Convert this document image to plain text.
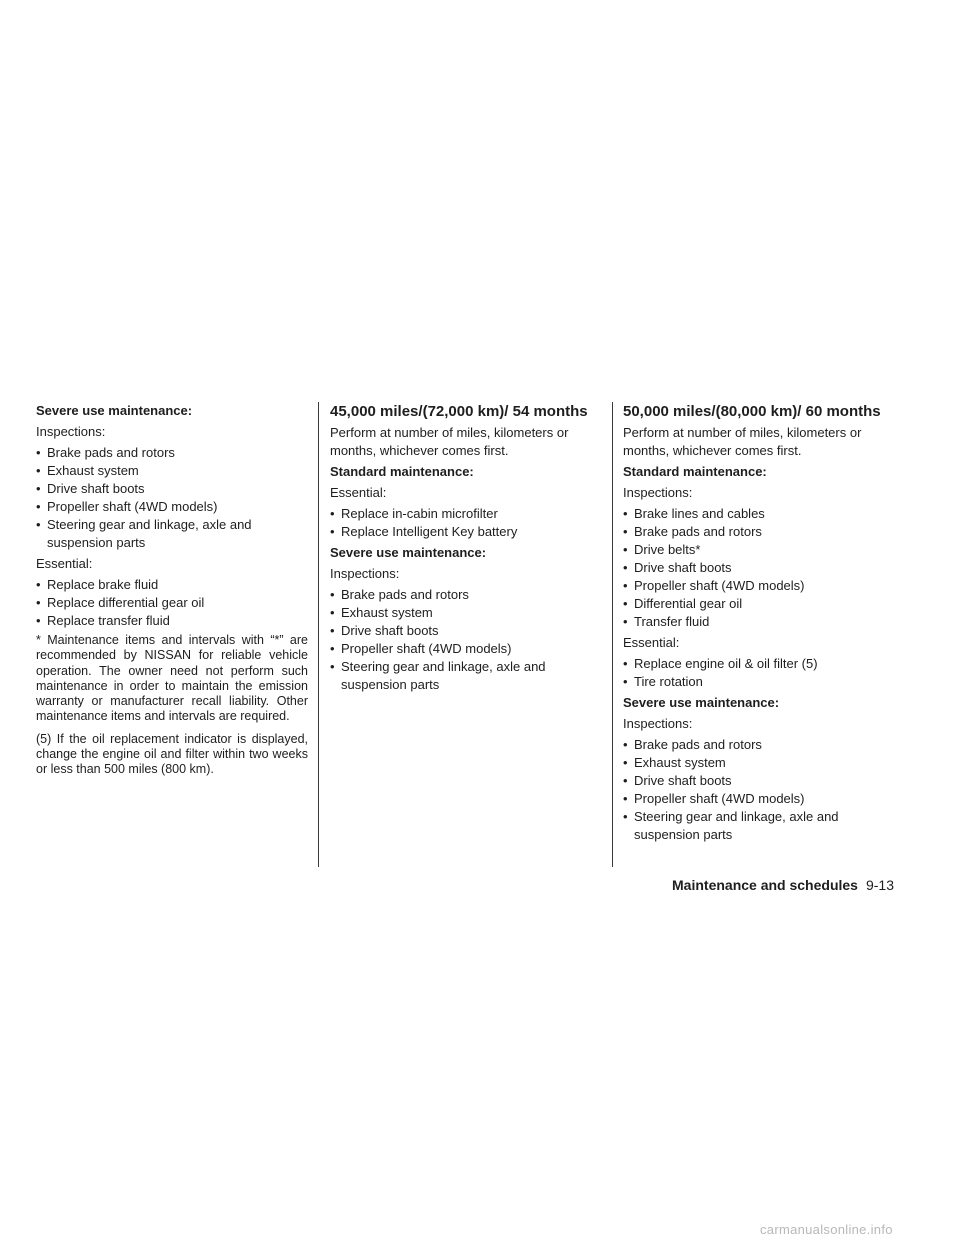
Severe use maintenance:
Inspections:
• Brake pads and rotors
• Exhaust system
• Drive shaft boots
• Propeller shaft (4WD models)
• Steering gear and linkage, axle and suspension parts
Essential:
• Replace brake fluid
• Replace differential gear oil
• Replace transfer fluid
* Maintenance items and intervals with “*” are recommended by NISSAN for reliable vehicle operation. The owner need not perform such maintenance in order to maintain the emission warranty or manufacturer recall liability. Other maintenance items and intervals are required.
(5) If the oil replacement indicator is displayed, change the engine oil and filter within two weeks or less than 500 miles (800 km).
45,000 miles/(72,000 km)/ 54 months
Perform at number of miles, kilometers or months, whichever comes first.
Standard maintenance:
Essential:
• Replace in-cabin microfilter
• Replace Intelligent Key battery
Severe use maintenance:
Inspections:
• Brake pads and rotors
• Exhaust system
• Drive shaft boots
• Propeller shaft (4WD models)
• Steering gear and linkage, axle and suspension parts
50,000 miles/(80,000 km)/ 60 months
Perform at number of miles, kilometers or months, whichever comes first.
Standard maintenance:
Inspections:
• Brake lines and cables
• Brake pads and rotors
• Drive belts*
• Drive shaft boots
• Propeller shaft (4WD models)
• Differential gear oil
• Transfer fluid
Essential:
• Replace engine oil & oil filter (5)
• Tire rotation
Severe use maintenance:
Inspections:
• Brake pads and rotors
• Exhaust system
• Drive shaft boots
• Propeller shaft (4WD models)
• Steering gear and linkage, axle and suspension parts
Maintenance and schedules 9-13
carmanualsonline.info
